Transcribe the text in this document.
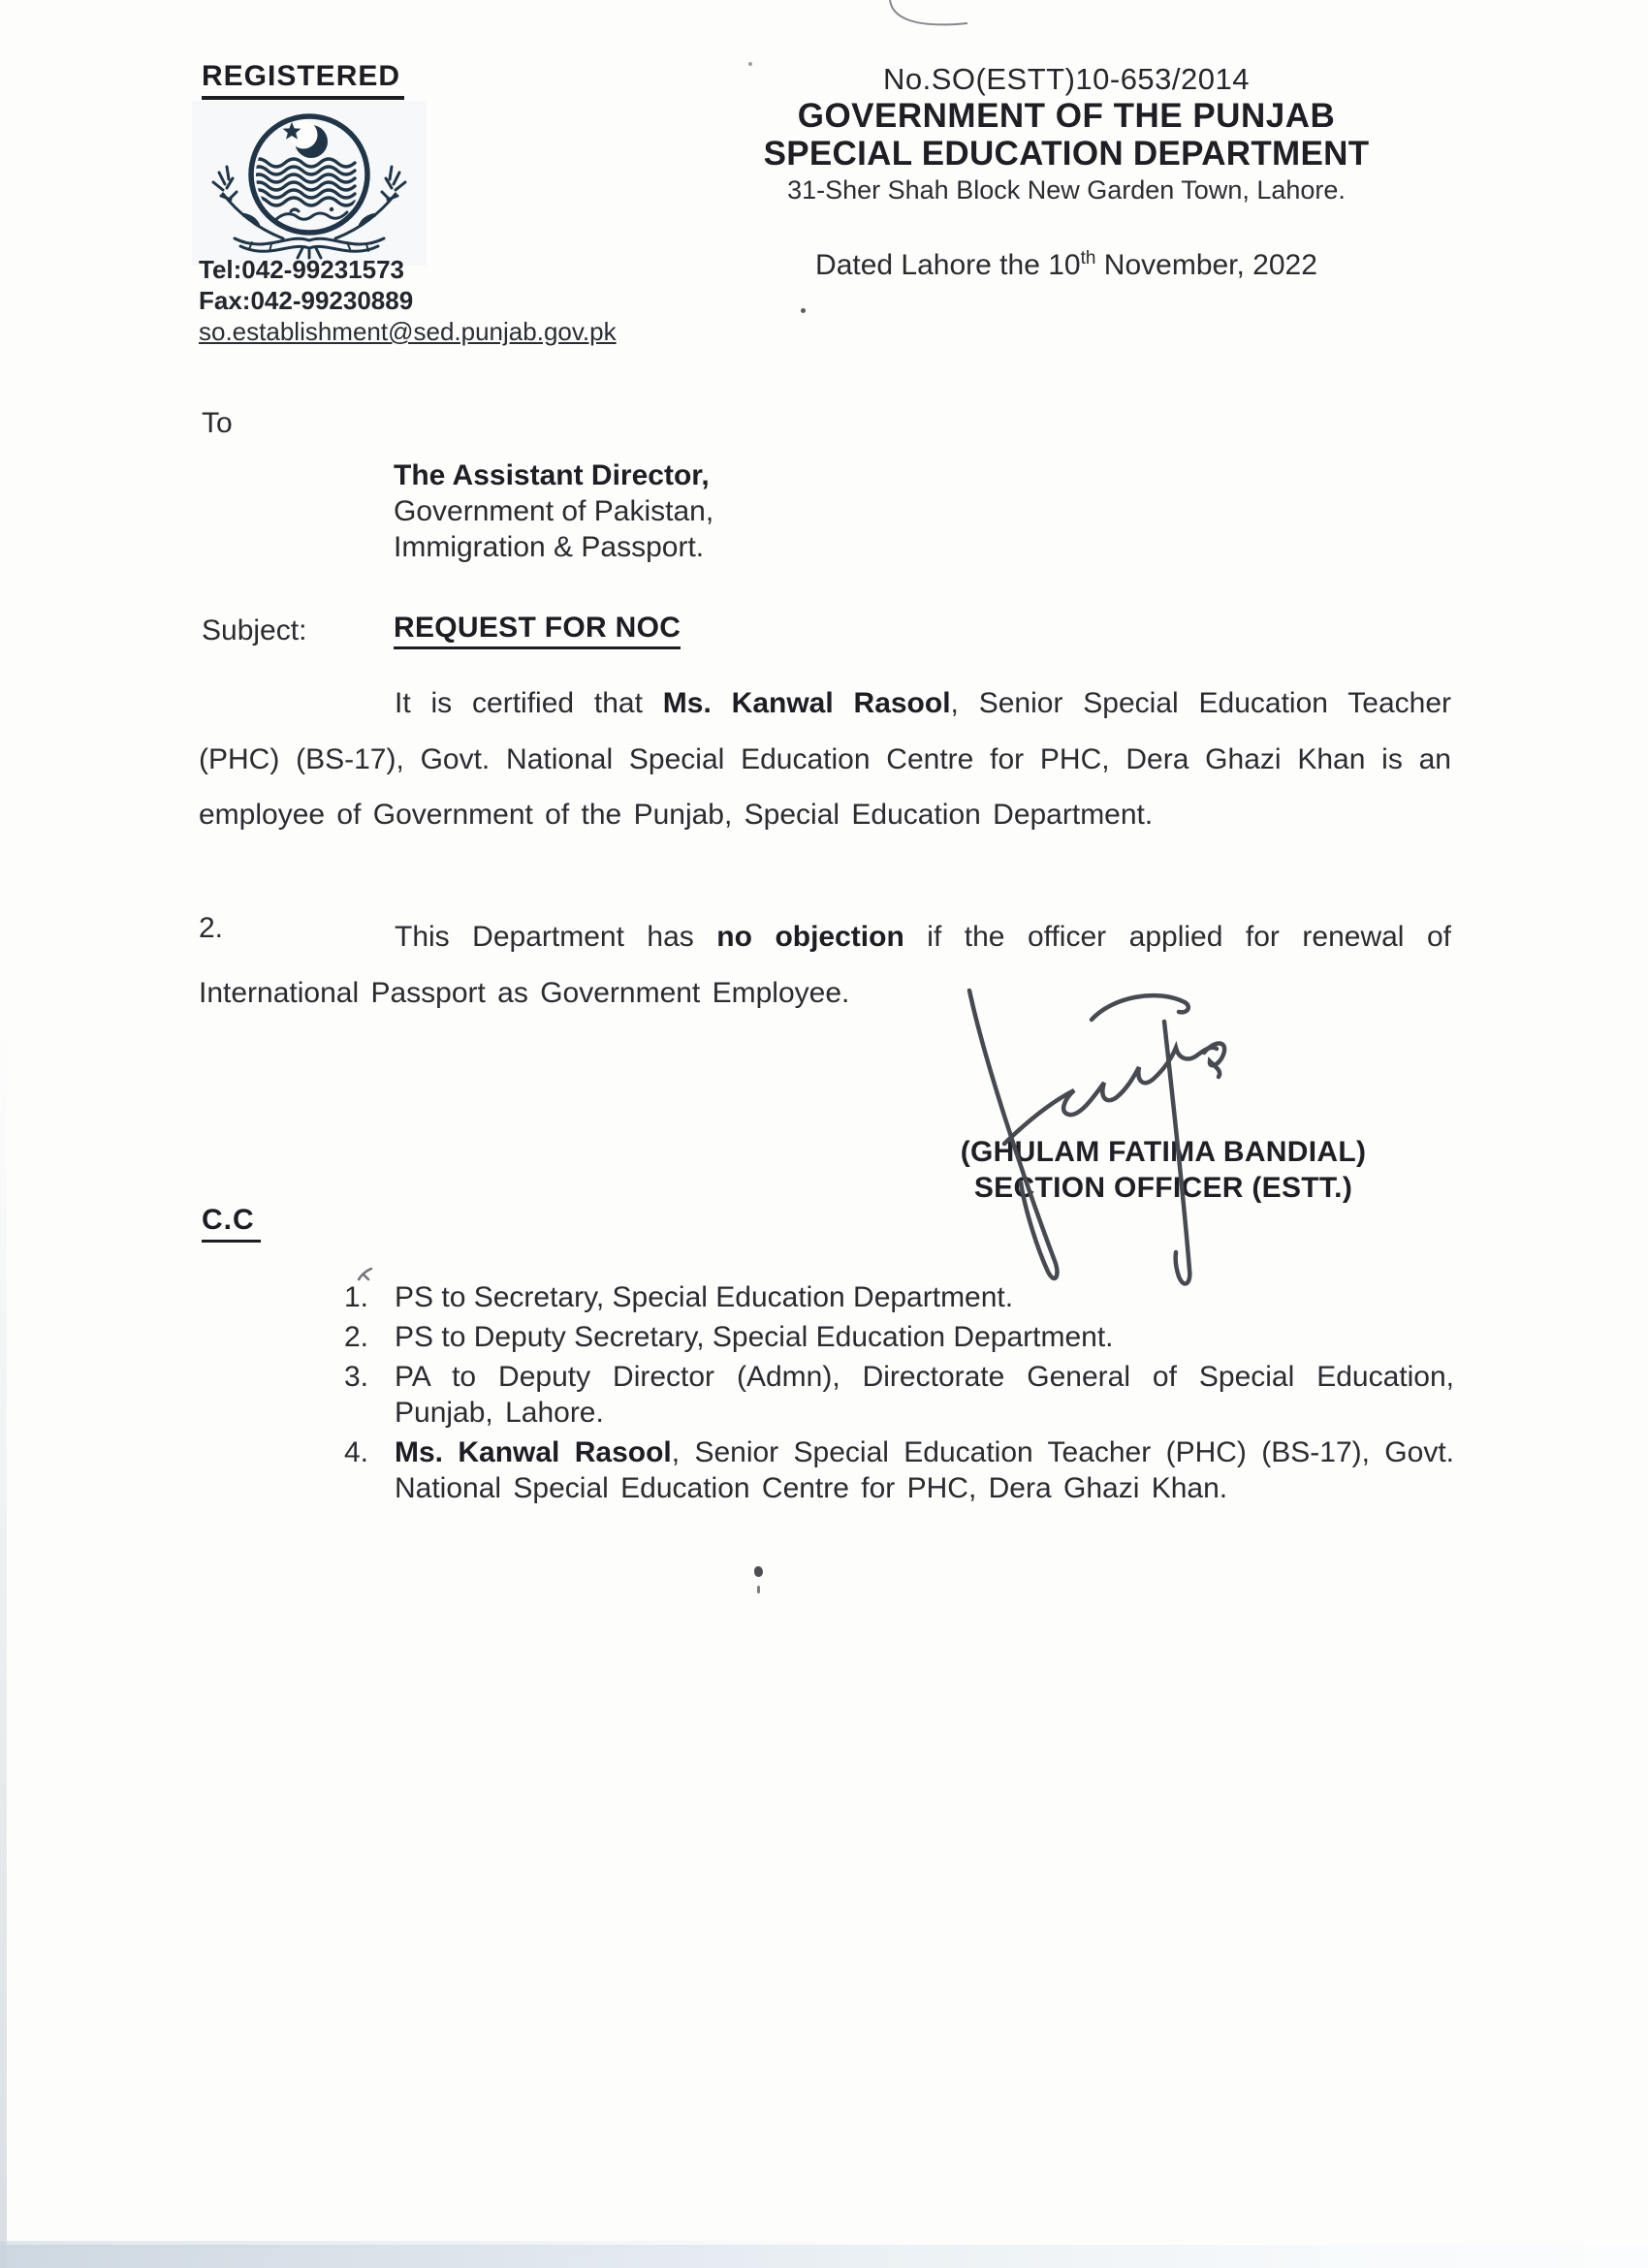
REGISTERED
Tel:042-99231573
Fax:042-99230889
so.establishment@sed.punjab.gov.pk
No.SO(ESTT)10-653/2014
GOVERNMENT OF THE PUNJAB
SPECIAL EDUCATION DEPARTMENT
31-Sher Shah Block New Garden Town, Lahore.
Dated Lahore the 10th November, 2022
To
The Assistant Director,
Government of Pakistan,
Immigration & Passport.
Subject:	REQUEST FOR NOC
It is certified that Ms. Kanwal Rasool, Senior Special Education Teacher (PHC) (BS-17), Govt. National Special Education Centre for PHC, Dera Ghazi Khan is an employee of Government of the Punjab, Special Education Department.
2.	This Department has no objection if the officer applied for renewal of International Passport as Government Employee.
(GHULAM FATIMA BANDIAL)
SECTION OFFICER (ESTT.)
C.C
1. PS to Secretary, Special Education Department.
2. PS to Deputy Secretary, Special Education Department.
3. PA to Deputy Director (Admn), Directorate General of Special Education, Punjab, Lahore.
4. Ms. Kanwal Rasool, Senior Special Education Teacher (PHC) (BS-17), Govt. National Special Education Centre for PHC, Dera Ghazi Khan.
